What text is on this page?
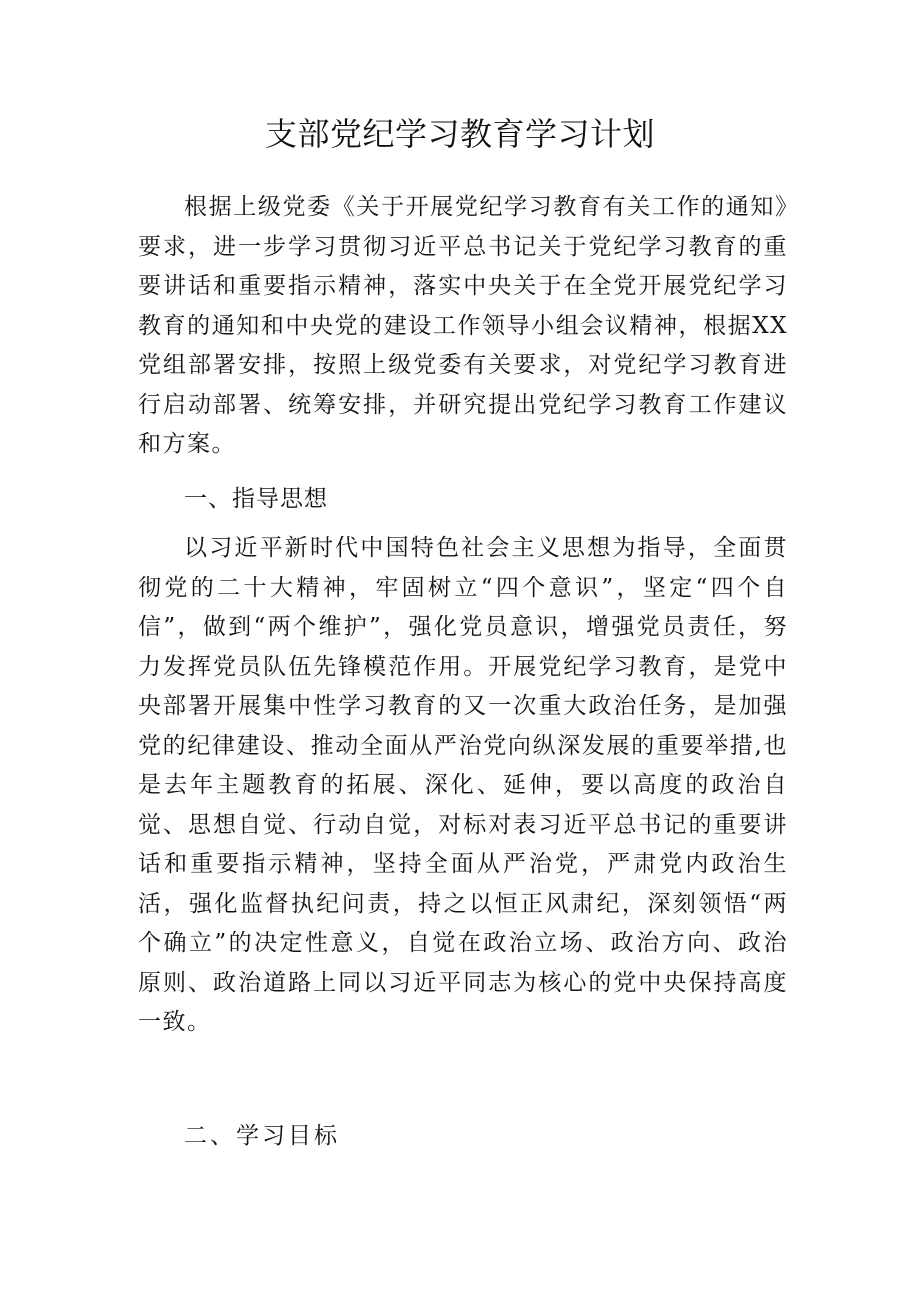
支部党纪学习教育学习计划
根据上级党委《关于开展党纪学习教育有关工作的通知》要求，进一步学习贯彻习近平总书记关于党纪学习教育的重要讲话和重要指示精神，落实中央关于在全党开展党纪学习教育的通知和中央党的建设工作领导小组会议精神，根据XX党组部署安排，按照上级党委有关要求，对党纪学习教育进行启动部署、统筹安排，并研究提出党纪学习教育工作建议和方案。
一、指导思想
以习近平新时代中国特色社会主义思想为指导，全面贯彻党的二十大精神，牢固树立“四个意识”，坚定“四个自信”，做到“两个维护”，强化党员意识，增强党员责任，努力发挥党员队伍先锋模范作用。开展党纪学习教育，是党中央部署开展集中性学习教育的又一次重大政治任务，是加强党的纪律建设、推动全面从严治党向纵深发展的重要举措,也是去年主题教育的拓展、深化、延伸，要以高度的政治自觉、思想自觉、行动自觉，对标对表习近平总书记的重要讲话和重要指示精神，坚持全面从严治党，严肃党内政治生活，强化监督执纪问责，持之以恒正风肃纪，深刻领悟“两个确立”的决定性意义，自觉在政治立场、政治方向、政治原则、政治道路上同以习近平同志为核心的党中央保持高度一致。
二、学习目标
